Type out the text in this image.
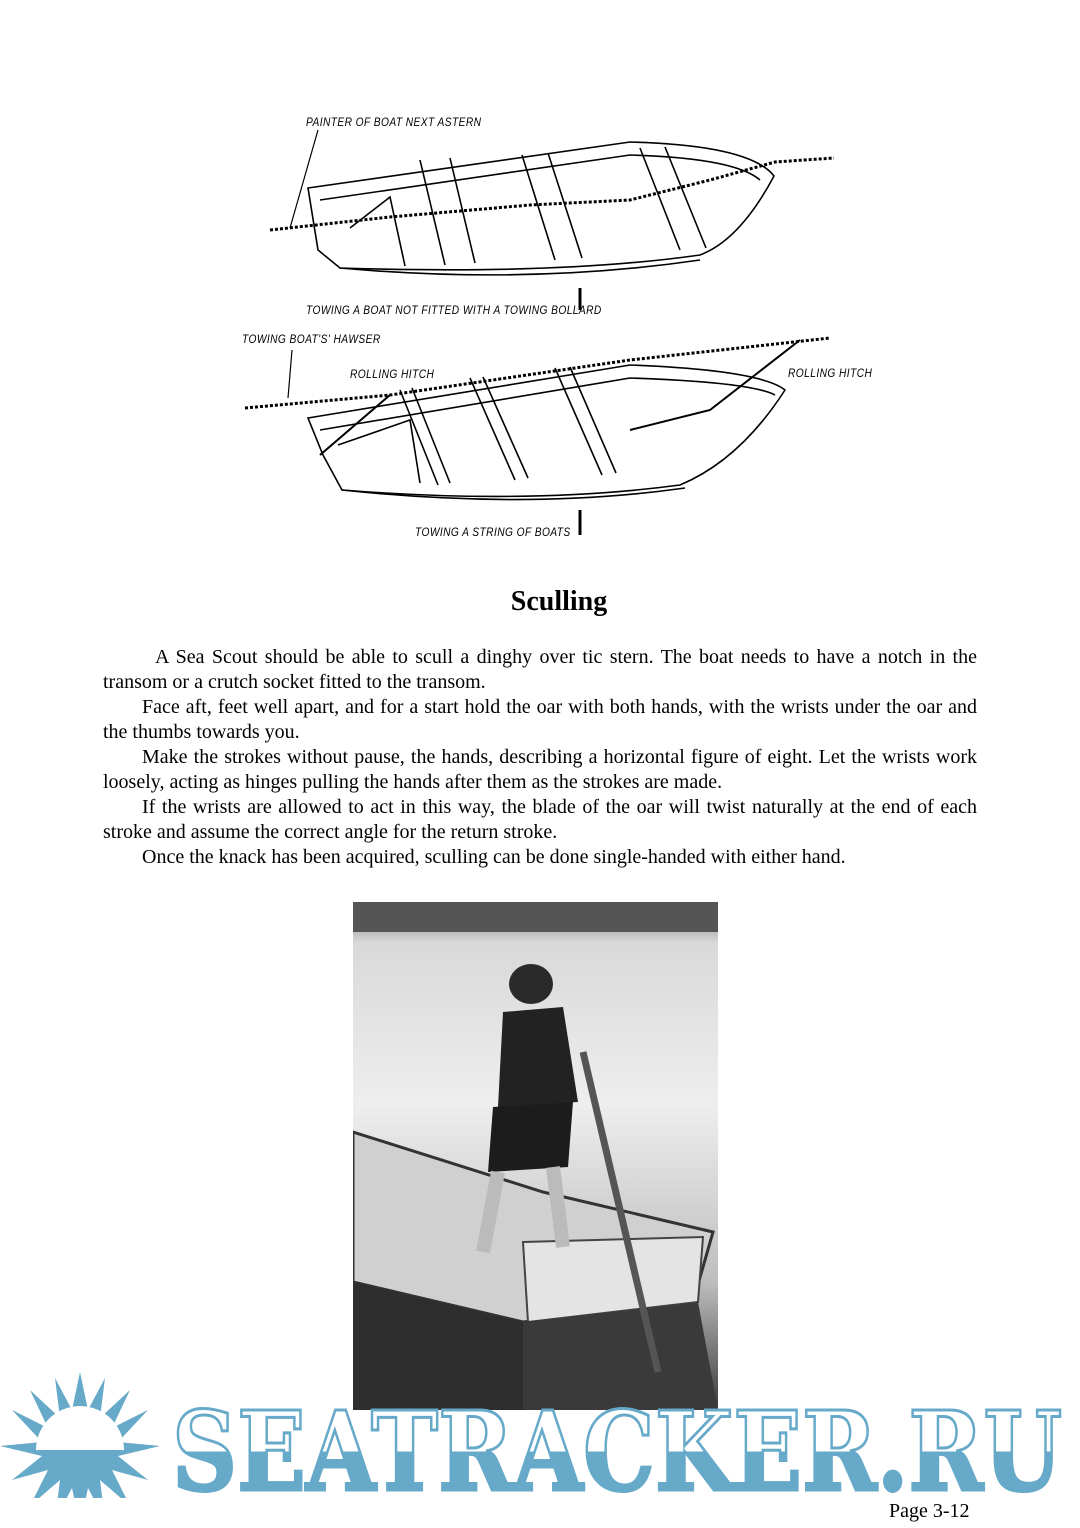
PAINTER OF BOAT NEXT ASTERN
TOWING A BOAT NOT FITTED WITH A TOWING BOLLARD
TOWING BOAT'S' HAWSER
ROLLING HITCH	ROLLING HITCH
TOWING A STRING OF BOATS
Sculling

A Sea Scout should be able to scull a dinghy over tic stern. The boat needs to have a notch in the transom or a crutch socket fitted to the transom.

Face aft, feet well apart, and for a start hold the oar with both hands, with the wrists under the oar and the thumbs towards you.

Make the strokes without pause, the hands, describing a horizontal figure of eight. Let the wrists work loosely, acting as hinges pulling the hands after them as the strokes are made.

If the wrists are allowed to act in this way, the blade of the oar will twist naturally at the end of each stroke and assume the correct angle for the return stroke.

Once the knack has been acquired, sculling can be done single-handed with either hand.

SEATRACKER.RU
Page 3-12
